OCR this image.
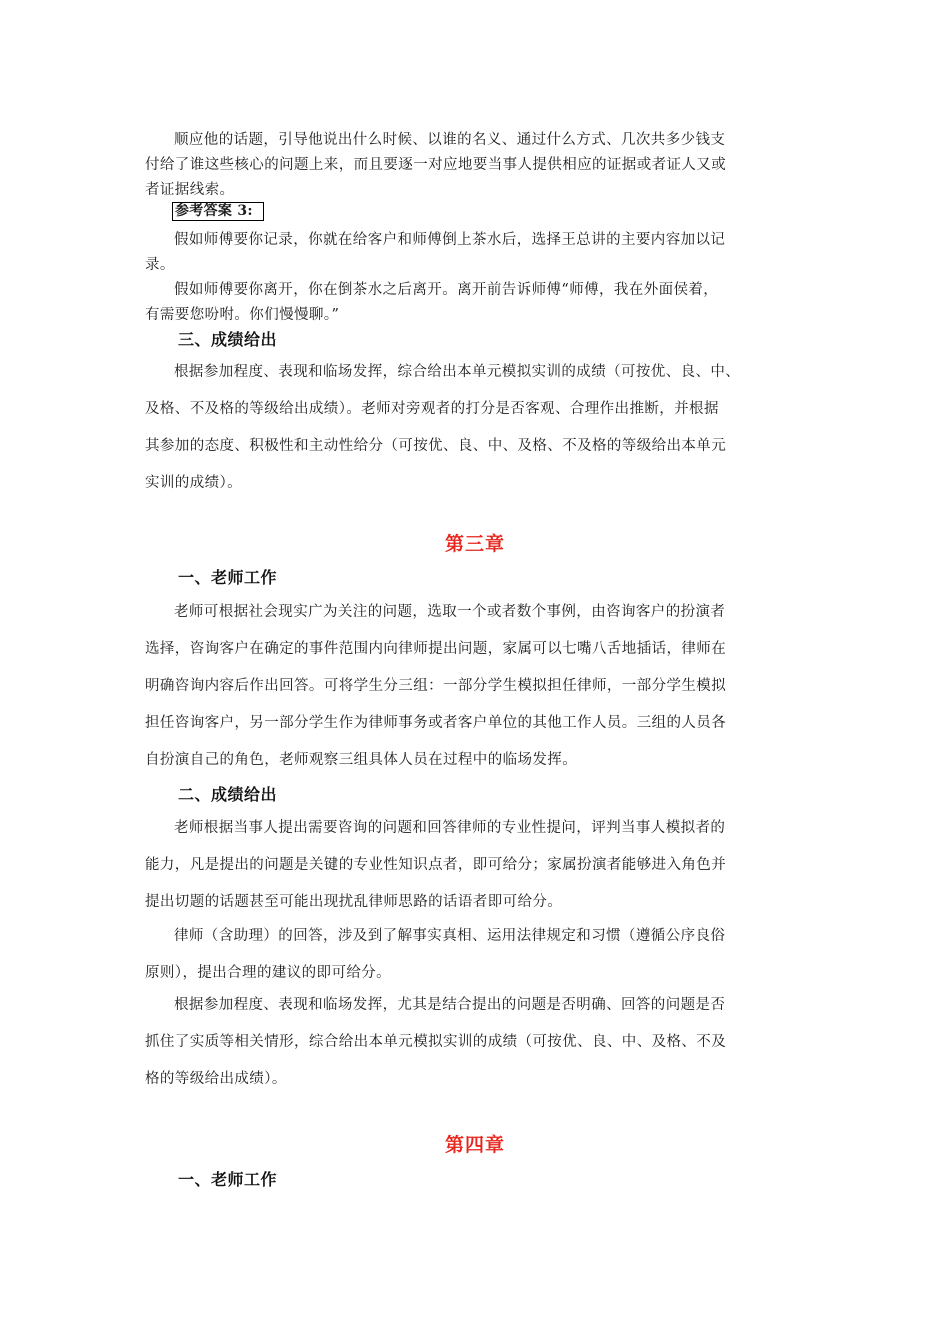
顺应他的话题，引导他说出什么时候、以谁的名义、通过什么方式、几次共多少钱支

付给了谁这些核心的问题上来，而且要逐一对应地要当事人提供相应的证据或者证人又或

者证据线索。

参考答案 3:

假如师傅要你记录，你就在给客户和师傅倒上茶水后，选择王总讲的主要内容加以记

录。

假如师傅要你离开，你在倒茶水之后离开。离开前告诉师傅“师傅，我在外面侯着，

有需要您吩咐。你们慢慢聊。”

三、成绩给出

根据参加程度、表现和临场发挥，综合给出本单元模拟实训的成绩（可按优、良、中、

及格、不及格的等级给出成绩）。老师对旁观者的打分是否客观、合理作出推断，并根据

其参加的态度、积极性和主动性给分（可按优、良、中、及格、不及格的等级给出本单元

实训的成绩）。

第三章

一、老师工作

老师可根据社会现实广为关注的问题，选取一个或者数个事例，由咨询客户的扮演者

选择，咨询客户在确定的事件范围内向律师提出问题，家属可以七嘴八舌地插话，律师在

明确咨询内容后作出回答。可将学生分三组：一部分学生模拟担任律师，一部分学生模拟

担任咨询客户，另一部分学生作为律师事务或者客户单位的其他工作人员。三组的人员各

自扮演自己的角色，老师观察三组具体人员在过程中的临场发挥。

二、成绩给出

老师根据当事人提出需要咨询的问题和回答律师的专业性提问，评判当事人模拟者的

能力，凡是提出的问题是关键的专业性知识点者，即可给分；家属扮演者能够进入角色并

提出切题的话题甚至可能出现扰乱律师思路的话语者即可给分。

律师（含助理）的回答，涉及到了解事实真相、运用法律规定和习惯（遵循公序良俗

原则），提出合理的建议的即可给分。

根据参加程度、表现和临场发挥，尤其是结合提出的问题是否明确、回答的问题是否

抓住了实质等相关情形，综合给出本单元模拟实训的成绩（可按优、良、中、及格、不及

格的等级给出成绩）。

第四章

一、老师工作
